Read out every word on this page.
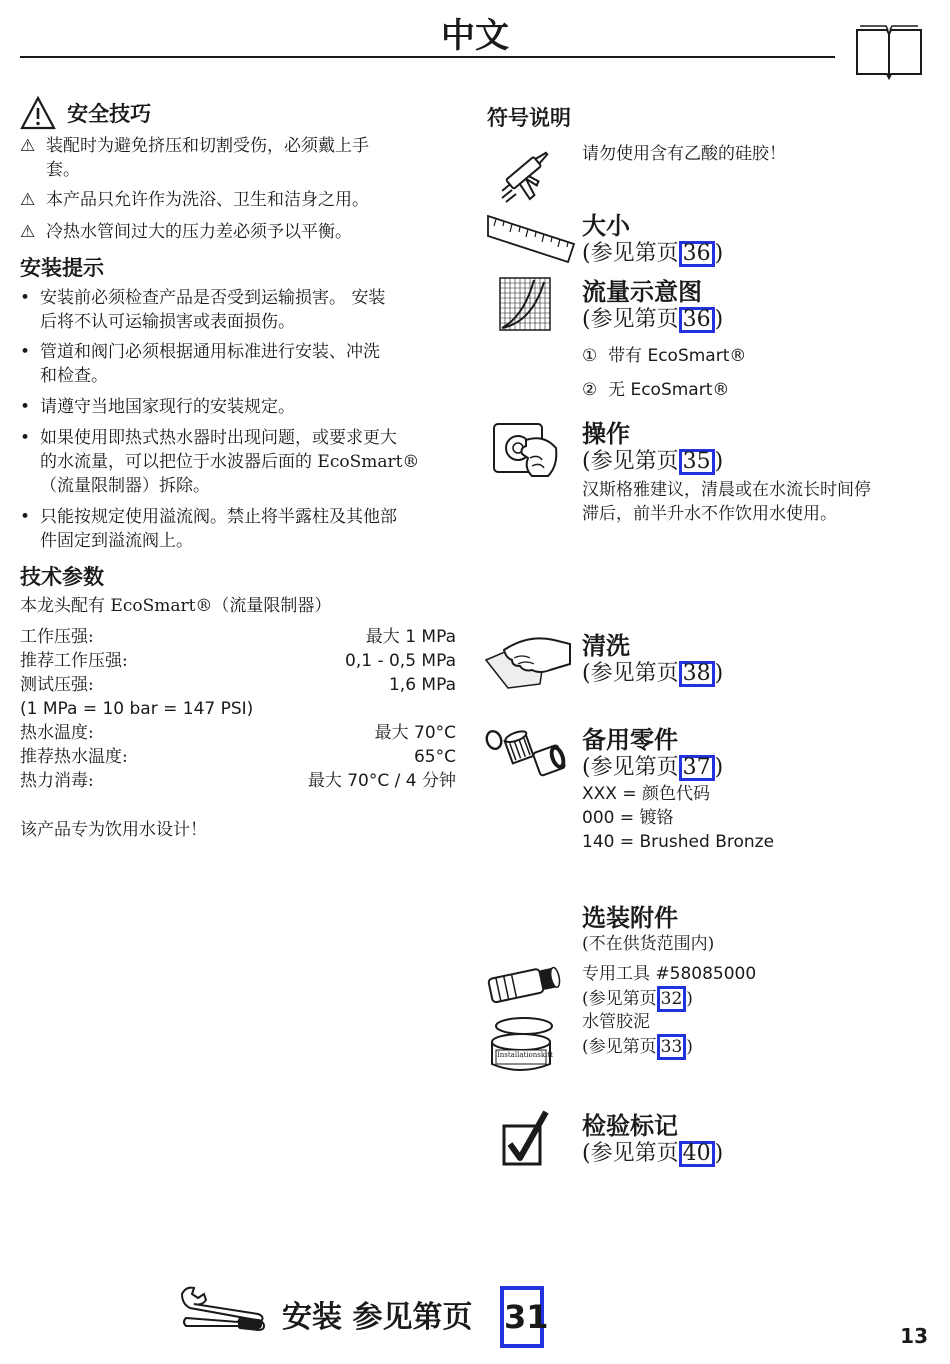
中文
安全技巧
⚠ 装配时为避免挤压和切割受伤，必须戴上手
套。
⚠ 本产品只允许作为洗浴、卫生和洁身之用。
⚠ 冷热水管间过大的压力差必须予以平衡。
安装提示
• 安装前必须检查产品是否受到运输损害。 安装
后将不认可运输损害或表面损伤。
• 管道和阀门必须根据通用标准进行安装、冲洗
和检查。
• 请遵守当地国家现行的安装规定。
• 如果使用即热式热水器时出现问题，或要求更大
的水流量，可以把位于水波器后面的 EcoSmart®
（流量限制器）拆除。
• 只能按规定使用溢流阀。禁止将半露柱及其他部
件固定到溢流阀上。
技术参数
本龙头配有 EcoSmart®（流量限制器）
工作压强:	最大 1 MPa
推荐工作压强:	0,1 - 0,5 MPa
测试压强:	1,6 MPa
(1 MPa = 10 bar = 147 PSI)
热水温度:	最大 70°C
推荐热水温度:	65°C
热力消毒:	最大 70°C / 4 分钟
该产品专为饮用水设计！
符号说明
请勿使用含有乙酸的硅胶！
大小
(参见第页 36 )
流量示意图
(参见第页 36 )
① 带有 EcoSmart®
② 无 EcoSmart®
操作
(参见第页 35 )
汉斯格雅建议，清晨或在水流长时间停
滞后，前半升水不作饮用水使用。
清洗
(参见第页 38 )
备用零件
(参见第页 37 )
XXX = 颜色代码
000 = 镀铬
140 = Brushed Bronze
选装附件
(不在供货范围内)
专用工具 #58085000
(参见第页 32 )
Installationskitt
水管胶泥
(参见第页 33 )
检验标记
(参见第页 40 )
安装 参见第页 31	13
